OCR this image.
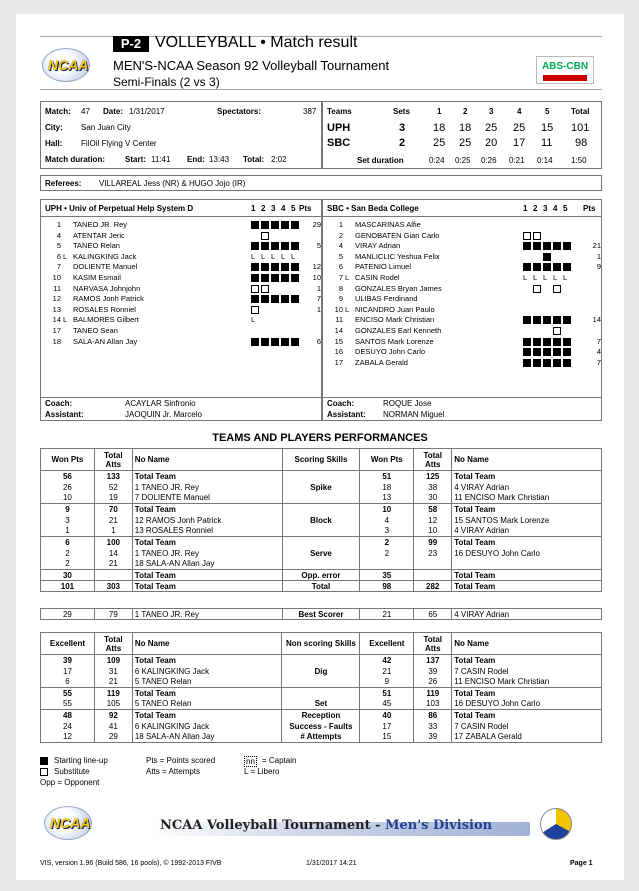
NCAA
P-2 VOLLEYBALL • Match result
MEN'S-NCAA Season 92 Volleyball Tournament
Semi-Finals (2 vs 3)
ABS-CBN
Match: 47 Date: 1/31/2017	Spectators:	387
City: San Juan City
Hall: FilOil Flying V Center
Match duration:	Start: 11:41 End: 13:43 Total: 2:02
Teams	Sets	1	2	3	4	5	Total
UPH	3	18 18 25 25 15 101
SBC	2	25 25 20 17 11 98
Set duration	0:24 0:25 0:26 0:21 0:14 1:50
Referees: VILLAREAL Jess (NR) & HUGO Jojo (IR)
UPH • Univ of Perpetual Help System D	1 2 3 4 5 Pts
1 TANEO JR. Rey	29
4 ATENTAR Jeric
5 TANEO Relan	5
6 L KALINGKING Jack	L L L L L
7 DOLIENTE Manuel	12
10 KASIM Esmail	10
11 NARVASA Johnjohn	1
12 RAMOS Jonh Patrick	7
13 ROSALES Ronniel	1
14 L BALMORES Gilbert	L
17 TANEO Sean
18 SALA-AN Allan Jay	6
SBC • San Beda College	1 2 3 4 5 Pts
1 MASCARINAS Alfie
2 GENOBATEN Gian Carlo
4 VIRAY Adrian	21
5 MANLICLIC Yeshua Felix	1
6 PATENIO Limuel	9
7 L CASIN Rodel	L L L L L
8 GONZALES Bryan James
9 ULIBAS Ferdinand
10 L NICANDRO Juan Paulo
11 ENCISO Mark Christian	14
14 GONZALES Earl Kenneth
15 SANTOS Mark Lorenze	7
16 DESUYO John Carlo	4
17 ZABALA Gerald	7
Coach:	ACAYLAR Sinfronio
Assistant:	JAOQUIN Jr. Marcelo
Coach:	ROQUE Jose
Assistant: NORMAN Miguel
TEAMS AND PLAYERS PERFORMANCES
Won Pts	Total Atts	No Name	Scoring Skills	Won Pts	Total Atts	No Name
56	133	Total Team		51	125	Total Team
26	52	1 TANEO JR. Rey	Spike	18	38	4 VIRAY Adrian
10	19	7 DOLIENTE Manuel		13	30	11 ENCISO Mark Christian
9	70	Total Team		10	58	Total Team
3	21	12 RAMOS Jonh Patrick	Block	4	12	15 SANTOS Mark Lorenze
1	1	13 ROSALES Ronniel		3	10	4 VIRAY Adrian
6	100	Total Team		2	99	Total Team
2	14	1 TANEO JR. Rey	Serve	2	23	16 DESUYO John Carlo
2	21	18 SALA-AN Allan Jay				
30		Total Team	Opp. error	35		Total Team
101	303	Total Team	Total	98	282	Total Team

29	79	1 TANEO JR. Rey	Best Scorer	21	65	4 VIRAY Adrian
Excellent	Total Atts	No Name	Non scoring Skills	Excellent	Total Atts	No Name
39	109	Total Team		42	137	Total Team
17	31	6 KALINGKING Jack	Dig	21	39	7 CASIN Rodel
6	21	5 TANEO Relan		9	26	11 ENCISO Mark Christian
55	119	Total Team		51	119	Total Team
55	105	5 TANEO Relan	Set	45	103	16 DESUYO John Carlo
48	92	Total Team	Reception	40	86	Total Team
24	41	6 KALINGKING Jack	Success - Faults	17	33	7 CASIN Rodel
12	29	18 SALA-AN Allan Jay	# Attempts	15	39	17 ZABALA Gerald

Starting line-up
Substitute
Opp = Opponent
Pts = Points scored
Atts = Attempts
nn = Captain
L = Libero
NCAA	NCAA Volleyball Tournament - Men's Division
VIS, version 1.96 (Build 586, 16 pools), © 1992-2013 FIVB	1/31/2017 14:21	Page 1
